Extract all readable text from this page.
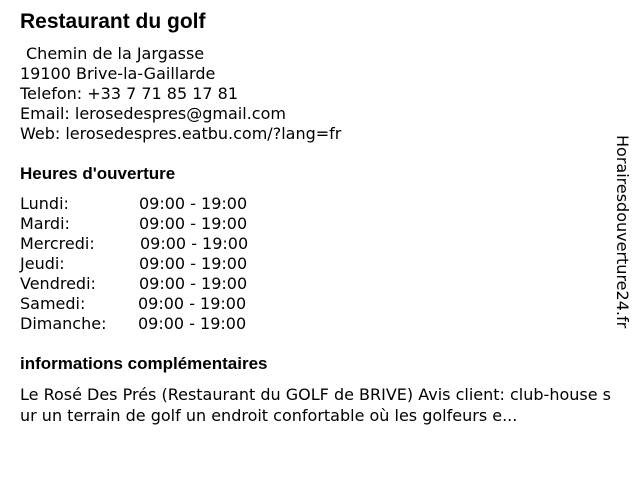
Restaurant du golf
Chemin de la Jargasse
19100 Brive-la-Gaillarde
Telefon: +33 7 71 85 17 81
Email: lerosedespres@gmail.com
Web: lerosedespres.eatbu.com/?lang=fr
Heures d'ouverture
Lundi:	09:00 - 19:00
Mardi:	09:00 - 19:00
Mercredi:	09:00 - 19:00
Jeudi:	09:00 - 19:00
Vendredi:	09:00 - 19:00
Samedi:	09:00 - 19:00
Dimanche: 09:00 - 19:00
informations complémentaires
Le Rosé Des Prés (Restaurant du GOLF de BRIVE) Avis client: club-house sur un terrain de golf un endroit confortable où les golfeurs e...
Horairesdouverture24.fr
